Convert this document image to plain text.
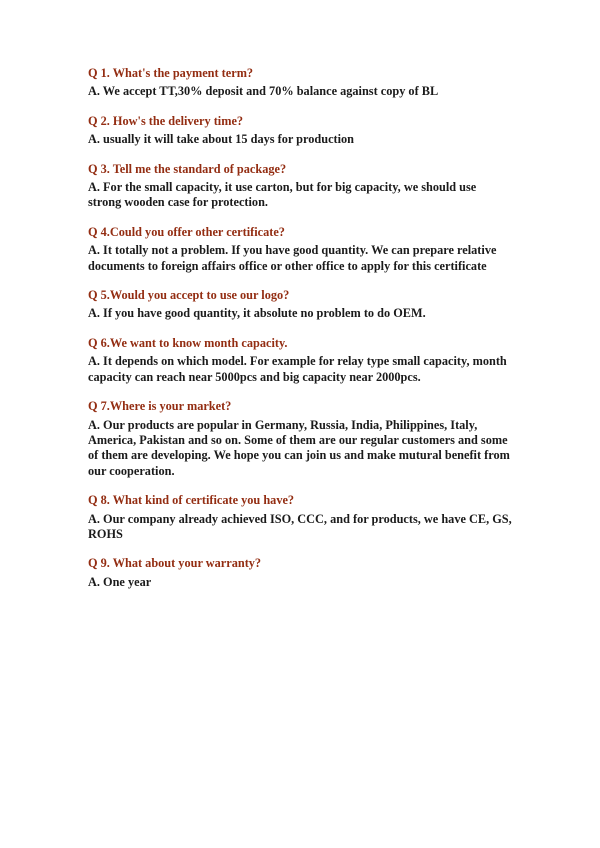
Q 1. What's the payment term?
A. We accept TT,30% deposit and 70% balance against copy of BL
Q 2. How's the delivery time?
A. usually it will take about 15 days for production
Q 3. Tell me the standard of package?
A. For the small capacity, it use carton, but for big capacity, we should use
strong wooden case for protection.
Q 4.Could you offer other certificate?
A. It totally not a problem. If you have good quantity. We can prepare relative
documents to foreign affairs office or other office to apply for this certificate
Q 5.Would you accept to use our logo?
A. If you have good quantity, it absolute no problem to do OEM.
Q 6.We want to know month capacity.
A. It depends on which model. For example for relay type small capacity, month
capacity can reach near 5000pcs and big capacity near 2000pcs.
Q 7.Where is your market?
A. Our products are popular in Germany, Russia, India, Philippines, Italy,
America, Pakistan and so on. Some of them are our regular customers and some
of them are developing. We hope you can join us and make mutural benefit from
our cooperation.
Q 8. What kind of certificate you have?
A. Our company already achieved ISO, CCC, and for products, we have CE, GS,
ROHS
Q 9. What about your warranty?
A. One year
